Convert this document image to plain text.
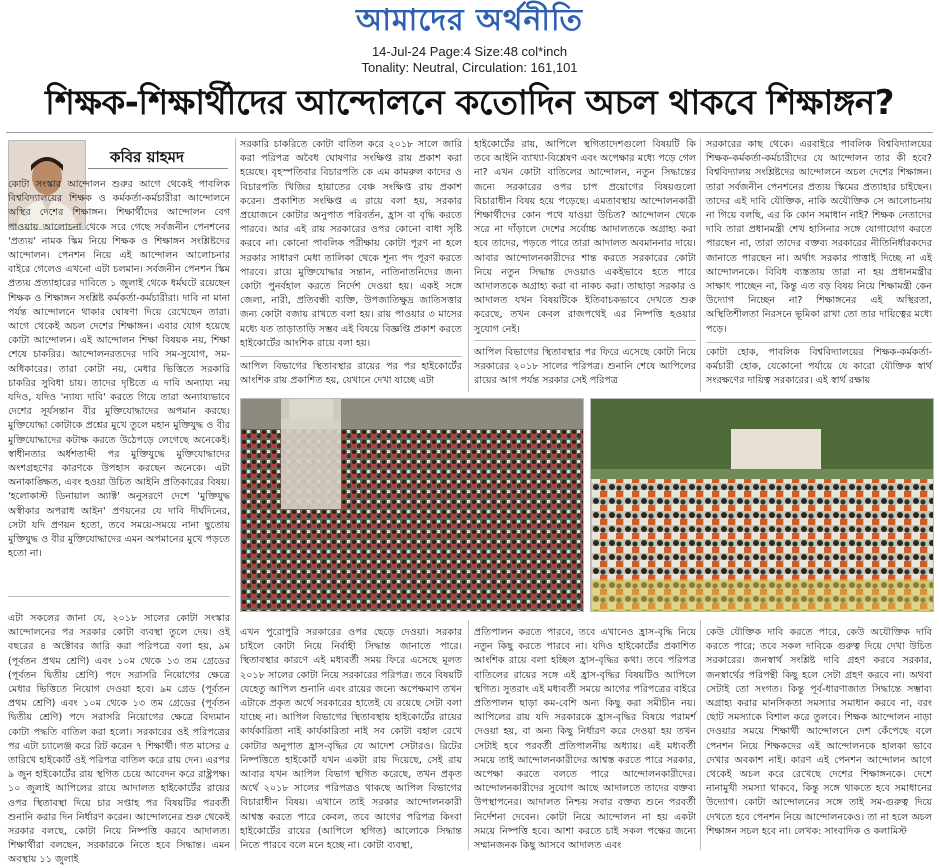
আমাদের অর্থনীতি
14-Jul-24 Page:4 Size:48 col*inch
Tonality: Neutral, Circulation: 161,101
শিক্ষক-শিক্ষার্থীদের আন্দোলনে কতোদিন অচল থাকবে শিক্ষাঙ্গন?
কবির য়াহমদ

কোটা সংস্কার আন্দোলন শুরুর আগে থেকেই পাবলিক বিশ্ববিদ্যালয়ের শিক্ষক ও কর্মকর্তা-কর্মচারীরা আন্দোলনে অস্থির দেশের শিক্ষাঙ্গন। শিক্ষার্থীদের আন্দোলন বেগ পাওয়ায় আলোচনা থেকে সরে গেছে সর্বজনীন পেনশনের 'প্রত্যয়' নামক স্কিম নিয়ে শিক্ষক ও শিক্ষাঙ্গন সংশ্লিষ্টদের আন্দোলন। পেনশন নিয়ে এই আন্দোলন আলোচনার বাইরে গেলেও এখনো এটা চলমান। সর্বজনীন পেনশন স্কিম প্রত্যয় প্রত্যাহারের দাবিতে ১ জুলাই থেকে ধর্মঘটে রয়েছেন শিক্ষক ও শিক্ষাঙ্গন সংশ্লিষ্ট কর্মকর্তা-কর্মচারীরা। দাবি না মানা পর্যন্ত আন্দোলনে থাকার ঘোষণা দিয়ে রেখেছেন তারা। আগে থেকেই অচল দেশের শিক্ষাঙ্গন। এবার যোগ হয়েছে কোটা আন্দোলন। এই আন্দোলন শিক্ষা বিষয়ক নয়, শিক্ষা শেষে চাকরির। আন্দোলনরতদের দাবি সম-সুযোগ, সম-অধিকারের। তারা কোটা নয়, মেধার ভিত্তিতে সরকারি চাকরির সুবিধা চায়। তাদের দৃষ্টিতে এ দাবি অন্যায্য নয় যদিও, যদিও 'ন্যায্য দাবি' করতে গিয়ে তারা অন্যায্যভাবে দেশের সূর্যসন্তান বীর মুক্তিযোদ্ধাদের অপমান করছে। মুক্তিযোদ্ধা কোটাকে প্রশ্নের মুখে তুলে মহান মুক্তিযুদ্ধ ও বীর মুক্তিযোদ্ধাদের কটাক্ষ করতে উঠেপড়ে লেগেছে অনেকেই। স্বাধীনতার অর্ধশতাব্দী পর মুক্তিযুদ্ধে মুক্তিযোদ্ধাদের অংশগ্রহণের কারণকে উপহাস করছেন অনেকে। এটা অনাকাঙ্ক্ষিত, এবং হওয়া উচিত আইনি প্রতিকারের বিষয়। 'হলোকাস্ট ডিনায়াল অ্যাক্ট' অনুসরণে দেশে 'মুক্তিযুদ্ধ অস্বীকার অপরাধ আইন' প্রণয়নের যে দাবি দীর্ঘদিনের, সেটা যদি প্রণয়ন হতো, তবে সময়ে-সময়ে নানা ছুতোয় মুক্তিযুদ্ধ ও বীর মুক্তিযোদ্ধাদের এমন অপমানের মুখে পড়তে হতো না।

এটা সকলের জানা যে, ২০১৮ সালের কোটা সংস্কার আন্দোলনের পর সরকার কোটা ব্যবস্থা তুলে দেয়। ওই বছরের ৪ অক্টোবর জারি করা পরিপত্রে বলা হয়, ৯ম (পূর্বতন প্রথম শ্রেণি) এবং ১০ম থেকে ১৩ তম গ্রেডের (পূর্বতন দ্বিতীয় শ্রেণি) পদে সরাসরি নিয়োগের ক্ষেত্রে মেধার ভিত্তিতে নিয়োগ দেওয়া হবে। ৯ম গ্রেড (পূর্বতন প্রথম শ্রেণি) এবং ১০ম থেকে ১৩ তম গ্রেডের (পূর্বতন দ্বিতীয় শ্রেণি) পদে সরাসরি নিয়োগের ক্ষেত্রে বিদ্যমান কোটা পদ্ধতি বাতিল করা হলো। সরকারের ওই পরিপত্রের পর এটা চ্যালেঞ্জ করে রিট করেন ৭ শিক্ষার্থী। গত মাসের ৫ তারিখে হাইকোর্ট ওই পরিপত্র বাতিল করে রায় দেন। এরপর ৯ জুন হাইকোর্টের রায় স্থগিত চেয়ে আবেদন করে রাষ্ট্রপক্ষ। ১০ জুলাই আপিলের রায়ে আদালত হাইকোর্টের রায়ের ওপর স্থিতাবস্থা দিয়ে চার সপ্তাহ পর বিষয়টির পরবর্তী শুনানি করার দিন নির্ধারণ করেন। আন্দোলনের শুরু থেকেই সরকার বলছে, কোটা নিয়ে নিষ্পত্তি করবে আদালত। শিক্ষার্থীরা বলছেন, সরকারকে নিতে হবে সিদ্ধান্ত। এমন অবস্থায় ১১ জুলাই

সরকারি চাকরিতে কোটা বাতিল করে ২০১৮ সালে জারি করা পরিপত্র অবৈধ ঘোষণার সংক্ষিপ্ত রায় প্রকাশ করা হয়েছে। বৃহস্পতিবার বিচারপতি কে এম কামরুল কাদের ও বিচারপতি খিজির হায়াতের বেঞ্চ সংক্ষিপ্ত রায় প্রকাশ করেন। প্রকাশিত সংক্ষিপ্ত এ রায়ে বলা হয়, সরকার প্রয়োজনে কোটার অনুপাত পরিবর্তন, হ্রাস বা বৃদ্ধি করতে পারবে। আর এই রায় সরকারের ওপর কোনো বাধা সৃষ্টি করবে না। কোনো পাবলিক পরীক্ষায় কোটা পূরণ না হলে সরকার সাধারণ মেধা তালিকা থেকে শূন্য পদ পূরণ করতে পারবে। রায়ে মুক্তিযোদ্ধার সন্তান, নাতিনাতনিদের জন্য কোটা পুনর্বহাল করতে নির্দেশ দেওয়া হয়। একই সঙ্গে জেলা, নারী, প্রতিবন্ধী ব্যক্তি, উপজাতিক্ষুদ্র জাতিসত্তার জন্য কোটা বজায় রাখতে বলা হয়। রায় পাওয়ার ৩ মাসের মধ্যে যত তাড়াতাড়ি সম্ভব এই বিষয়ে বিজ্ঞপ্তি প্রকাশ করতে হাইকোর্টের আংশিক রায়ে বলা হয়।

আপিল বিভাগের স্থিতাবস্থার রায়ের পর পর হাইকোর্টের আংশিক রায় প্রকাশিত হয়, যেখানে দেখা যাচ্ছে এটা

এখন পুরোপুরি সরকারের ওপর ছেড়ে দেওয়া। সরকার চাইলে কোটা নিয়ে নির্বাহী সিদ্ধান্ত জানাতে পারে। স্থিতাবস্থার কারণে এই মধ্যবর্তী সময় ফিরে এসেছে মূলত ২০১৮ সালের কোটা নিয়ে সরকারের পরিপত্র। তবে বিষয়টি যেহেতু আপিল শুনানি এবং রায়ের জন্যে অপেক্ষমাণ তখন এটাকে প্রকৃত অর্থে সরকারের হাতেই যে রয়েছে সেটা বলা যাচ্ছে না। আপিল বিভাগের স্থিতাবস্থায় হাইকোর্টের রায়ের কার্যকারিতা নাই কার্যকারিতা নাই সব কোটা বহাল রেখে কোটার অনুপাত হ্রাস-বৃদ্ধির যে আদেশ সেটারও। রিটের নিষ্পত্তিতে হাইকোর্ট যখন একটা রায় দিয়েছে, সেই রায় আবার যখন আপিল বিভাগ স্থগিত করেছে, তখন প্রকৃত অর্থে ২০১৮ সালের পরিপত্রও থাকছে আপিল বিভাগের বিচারাধীন বিষয়। এখানে তাই সরকার আন্দোলনকারী আশ্বস্ত করতে পারে কেবল, তবে আগের পরিপত্র কিংবা হাইকোর্টের রায়ের (আপিলে স্থগিত) আলোকে সিদ্ধান্ত নিতে পারবে বলে মনে হচ্ছে না। কোটা ব্যবস্থা,

হাইকোর্টের রায়, আপিলে স্থগিতাদেশগুলো বিষয়টি কি তবে আইনি ব্যাখ্যা-বিশ্লেষণ এবং অপেক্ষার মধ্যে পড়ে গেল না? এখন কোটা বাতিলের আন্দোলন, নতুন সিদ্ধান্তের জন্যে সরকারের ওপর চাপ প্রয়োগের বিষয়গুলো বিচারাধীন বিষয় হয়ে পড়েছে। এমতাবস্থায় আন্দোলনকারী শিক্ষার্থীদের কোন পথে যাওয়া উচিত? আন্দোলন থেকে সরে না দাঁড়ালে দেশের সর্বোচ্চ আদালতকে অগ্রাহ্য করা হবে তাদের, পড়তে পারে তারা আদালত অবমাননার দায়ে। আবার আন্দোলনকারীদের শান্ত করতে সরকারের কোটা নিয়ে নতুন সিদ্ধান্ত দেওয়াও একইভাবে হতে পারে আদালতকে অগ্রাহ্য করা বা নাকচ করা। তাছাড়া সরকার ও আদালত যখন বিষয়টিকে ইতিবাচকভাবে দেখতে শুরু করেছে, তখন কেবল রাজপথেই এর নিষ্পত্তি হওয়ার সুযোগ নেই।

আপিল বিভাগের স্থিতাবস্থার পর ফিরে এসেছে কোটা নিয়ে সরকারের ২০১৮ সালের পরিপত্র। শুনানি শেষে আপিলের রায়ের আগ পর্যন্ত সরকার সেই পরিপত্র

প্রতিপালন করতে পারবে, তবে এখানেও হ্রাস-বৃদ্ধি নিয়ে নতুন কিছু করতে পারবে না। যদিও হাইকোর্টের প্রকাশিত আংশিক রায়ে বলা হচ্ছিল হ্রাস-বৃদ্ধির কথা। তবে পরিপত্র বাতিলের রায়ের সঙ্গে এই হ্রাস-বৃদ্ধির বিষয়টিও আপিলে স্থগিত। সুতরাং এই মধ্যবর্তী সময়ে আগের পরিপত্রের বাইরে প্রতিপালন ছাড়া কম-বেশি অন্য কিছু করা সমীচীন নয়। আপিলের রায় যদি সরকারকে হ্রাস-বৃদ্ধির বিষয়ে পরামর্শ দেওয়া হয়, বা অন্য কিছু নির্ধারণ করে দেওয়া হয় তখন সেটাই হবে পরবর্তী প্রতিপালনীয় অধ্যায়। এই মধ্যবর্তী সময়ে তাই আন্দোলনকারীদের আশ্বস্ত করতে পারে সরকার, অপেক্ষা করতে বলতে পারে আন্দোলনকারীদের। আন্দোলনকারীদের সুযোগ আছে আদালতে তাদের বক্তব্য উপস্থাপনের। আদালত নিশ্চয় সবার বক্তব্য শুনে পরবর্তী নির্দেশনা দেবেন। কোটা নিয়ে আন্দোলন না হয় একটা সময়ে নিষ্পত্তি হবে। আশা করতে চাই সকল পক্ষের জন্যে সম্মানজনক কিছু আসবে আদালত এবং

সরকারের কাছ থেকে। এরবাইরে পাবলিক বিশ্ববিদ্যালয়ের শিক্ষক-কর্মকর্তা-কর্মচারীদের যে আন্দোলন তার কী হবে? বিশ্ববিদ্যালয় সংশ্লিষ্টদের আন্দোলনে অচল দেশের শিক্ষাঙ্গন। তারা সর্বজনীন পেনশনের প্রত্যয় স্কিমের প্রত্যাহার চাইছেন। তাদের এই দাবি যৌক্তিক, নাকি অযৌক্তিক সে আলোচনায় না গিয়ে বলছি, এর কি কোন সমাধান নাই? শিক্ষক নেতাদের দাবি তারা প্রধানমন্ত্রী শেখ হাসিনার সঙ্গে যোগাযোগ করতে পারছেন না, তারা তাদের বক্তব্য সরকারের নীতিনির্ধারকদের জানাতে পারছেন না। অর্থাৎ সরকার পাত্তাই দিচ্ছে না এই আন্দোলনকে। বিবিধ ব্যস্ততায় তারা না হয় প্রধানমন্ত্রীর সাক্ষাৎ পাচ্ছেন না, কিন্তু এত বড় বিষয় নিয়ে শিক্ষামন্ত্রী কেন উদ্যোগ নিচ্ছেন না? শিক্ষাঙ্গনের এই অস্থিরতা, অস্থিতিশীলতা নিরসনে ভূমিকা রাখা তো তার দায়িত্বের মধ্যে পড়ে।

কোটা হোক, পাবলিক বিশ্ববিদ্যালয়ের শিক্ষক-কর্মকর্তা-কর্মচারী হোক, যেকোনো পর্যায়ে যে কারো যৌক্তিক স্বার্থ সংরক্ষণের দায়িত্ব সরকারের। এই স্বার্থ রক্ষায়

কেউ যৌক্তিক দাবি করতে পারে, কেউ অযৌক্তিক দাবি করতে পারে; তবে সকল দাবিকে গুরুত্ব দিয়ে দেখা উচিত সরকারের। জনস্বার্থ সংশ্লিষ্ট দাবি গ্রহণ করবে সরকার, জনস্বার্থের পরিপন্থী কিছু হলে সেটা গ্রহণ করবে না। অথবা সেটাই তো সংগত। কিন্তু পূর্ব-ধারণাজাত সিদ্ধান্তে সম্ভাব্য অগ্রাহ্য করার মানসিকতা সমস্যার সমাধান করবে না, বরং ছোট সমস্যাকে বিশাল করে তুলবে। শিক্ষক আন্দোলন নাড়া দেওয়ার সময়ে শিক্ষার্থী আন্দোলনে দেশ কেঁপেছে বলে পেনশন নিয়ে শিক্ষকদের এই আন্দোলনকে হালকা ভাবে দেখার অবকাশ নাই। কারণ এই পেনশন আন্দোলন আগে থেকেই অচল করে রেখেছে দেশের শিক্ষাঙ্গনকে। দেশে নানামুখী সমস্যা থাকবে, কিন্তু সঙ্গে থাকতে হবে সমাধানের উদ্যোগ। কোটা আন্দোলনের সঙ্গে তাই সম-গুরুত্ব দিয়ে দেখতে হবে পেনশন নিয়ে আন্দোলনকেও। তা না হলে অচল শিক্ষাঙ্গন সচল হবে না। লেখক: সাংবাদিক ও কলামিস্ট
